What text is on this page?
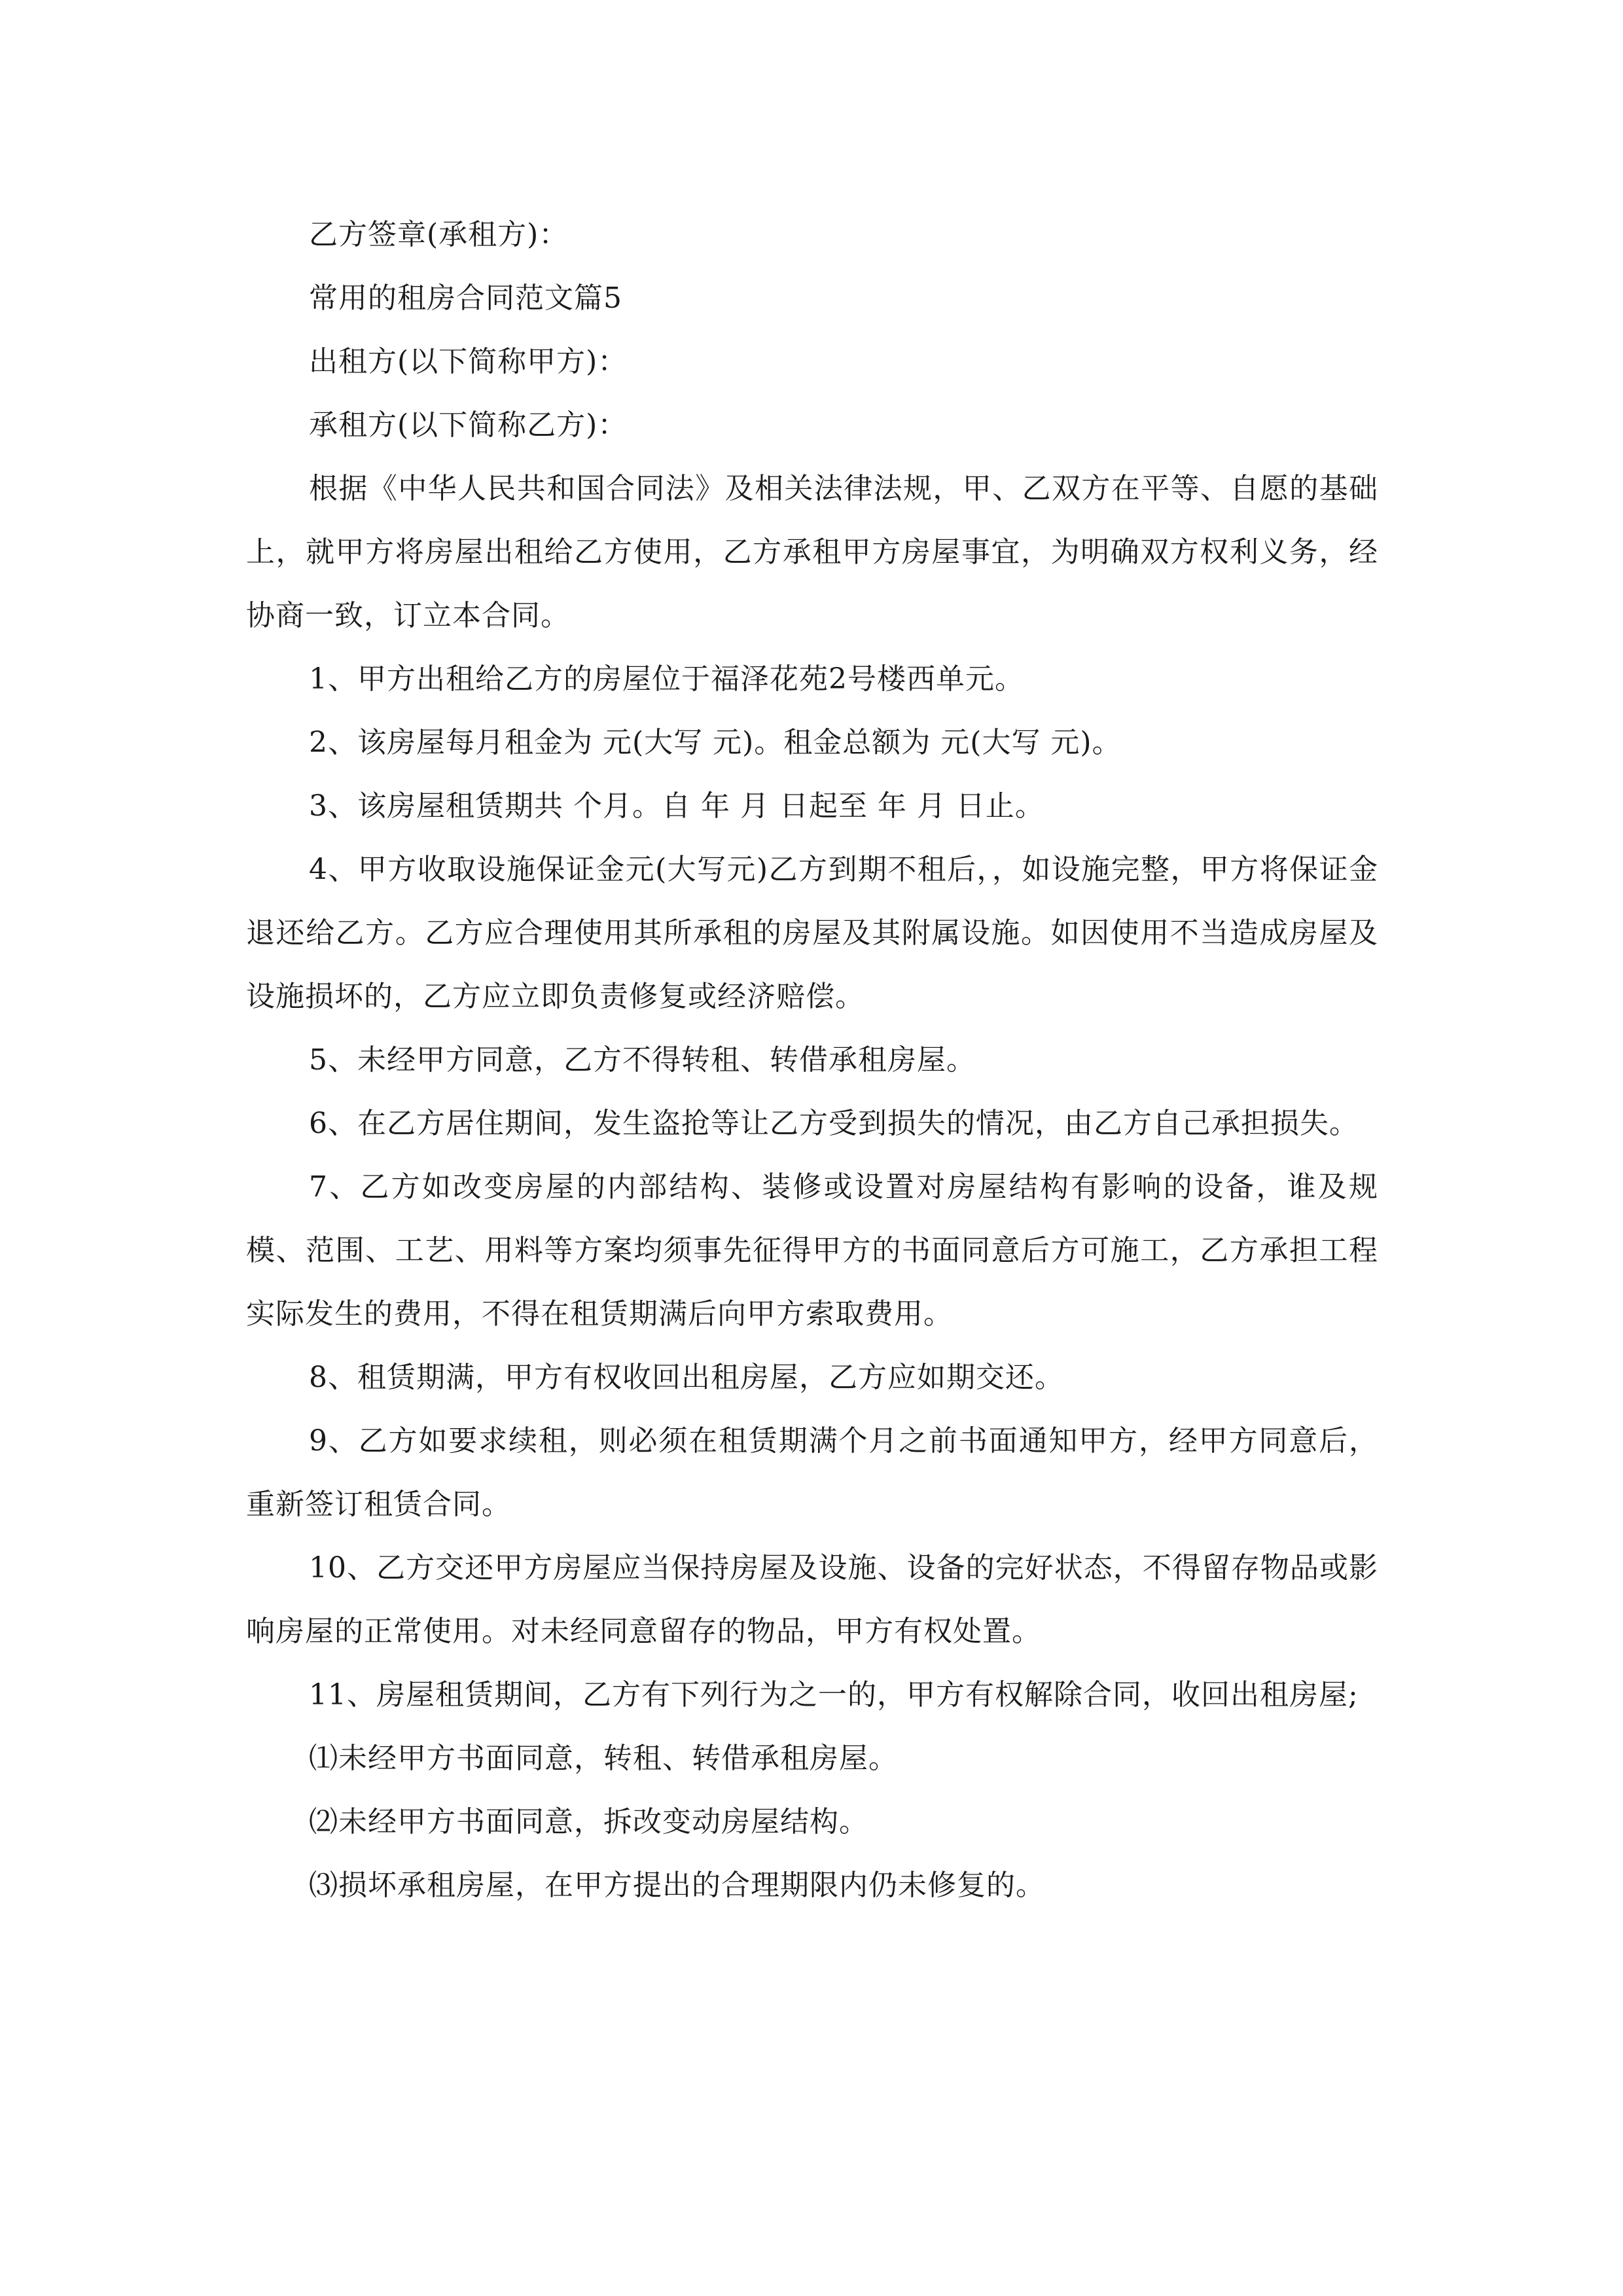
乙方签章(承租方)：

常用的租房合同范文篇5

出租方(以下简称甲方)：

承租方(以下简称乙方)：

根据《中华人民共和国合同法》及相关法律法规，甲、乙双方在平等、自愿的基础上，就甲方将房屋出租给乙方使用，乙方承租甲方房屋事宜，为明确双方权利义务，经协商一致，订立本合同。

1、甲方出租给乙方的房屋位于福泽花苑2号楼西单元。

2、该房屋每月租金为 元(大写 元)。租金总额为 元(大写 元)。

3、该房屋租赁期共 个月。自 年 月 日起至 年 月 日止。

4、甲方收取设施保证金元(大写元)乙方到期不租后，，如设施完整，甲方将保证金退还给乙方。乙方应合理使用其所承租的房屋及其附属设施。如因使用不当造成房屋及设施损坏的，乙方应立即负责修复或经济赔偿。

5、未经甲方同意，乙方不得转租、转借承租房屋。

6、在乙方居住期间，发生盗抢等让乙方受到损失的情况，由乙方自己承担损失。

7、乙方如改变房屋的内部结构、装修或设置对房屋结构有影响的设备，谁及规模、范围、工艺、用料等方案均须事先征得甲方的书面同意后方可施工，乙方承担工程实际发生的费用，不得在租赁期满后向甲方索取费用。

8、租赁期满，甲方有权收回出租房屋，乙方应如期交还。

9、乙方如要求续租，则必须在租赁期满个月之前书面通知甲方，经甲方同意后，重新签订租赁合同。

10、乙方交还甲方房屋应当保持房屋及设施、设备的完好状态，不得留存物品或影响房屋的正常使用。对未经同意留存的物品，甲方有权处置。

11、房屋租赁期间，乙方有下列行为之一的，甲方有权解除合同，收回出租房屋;

⑴未经甲方书面同意，转租、转借承租房屋。

⑵未经甲方书面同意，拆改变动房屋结构。

⑶损坏承租房屋，在甲方提出的合理期限内仍未修复的。
